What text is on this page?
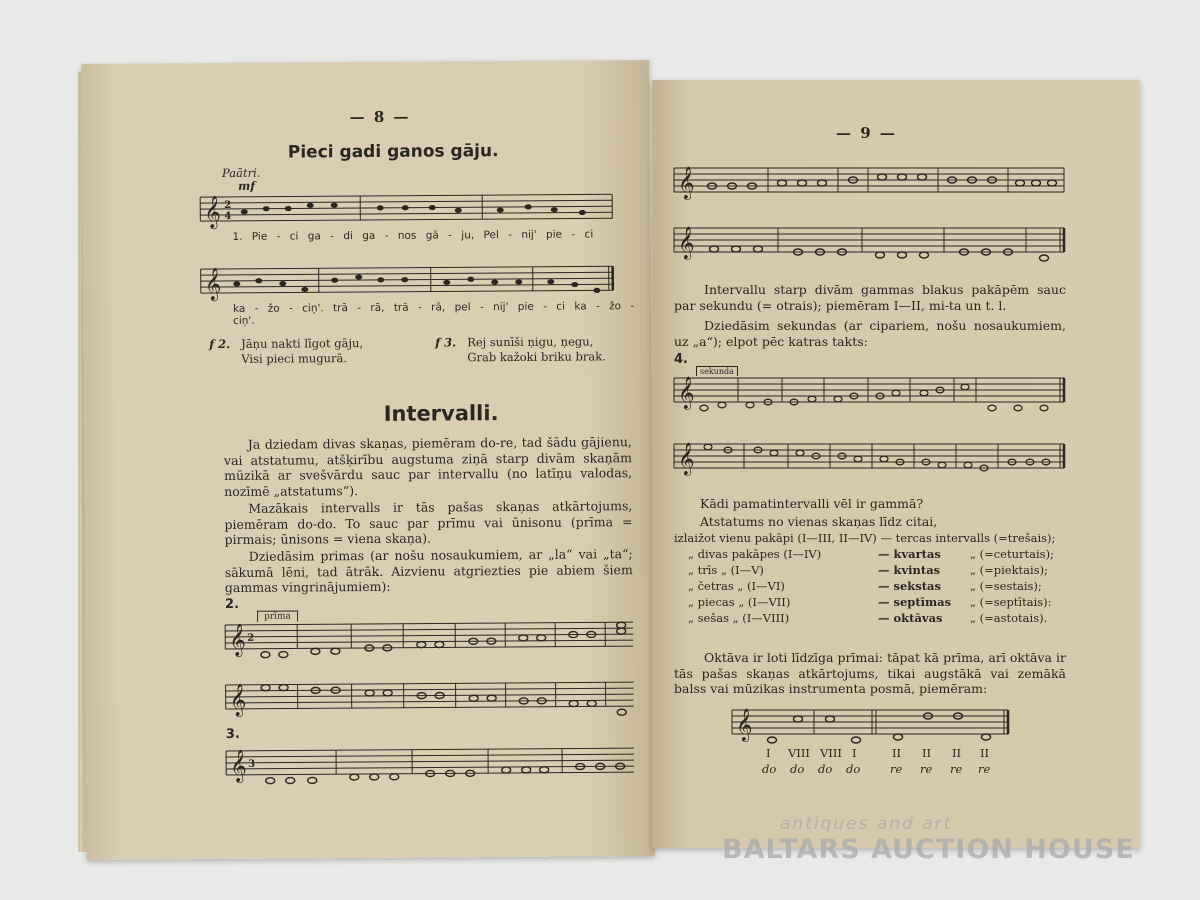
— 8 —
Pieci gadi ganos gāju.
Paātri.
mf
𝄞 2
4
1. Pie - ci ga - di ga - nos gā - ju, Pel - nij' pie - ci
𝄞
ka - žo - ciņ'. trā - rā, trā - rā, pel - nij' pie - ci ka - žo - ciņ'.
f 2. Jāņu nakti līgot gāju,
Visi pieci mugurā.
f 3. Rej sunīši ņigu, ņegu,
Grab kažoki briku brak.
Intervalli.
Ja dziedam divas skaņas, piemēram do-re, tad šādu gājienu, vai atstatumu, atšķirību augstuma ziņā starp divām skaņām mūzikā ar svešvārdu sauc par intervallu (no latīņu valodas, nozīmē „atstatums“).
Mazākais intervalls ir tās pašas skaņas atkārtojums, piemēram do-do. To sauc par prīmu vai ūnisonu (prīma = pirmais; ūnisons = viena skaņa).
Dziedāsim primas (ar nošu nosaukumiem, ar „la“ vai „ta“; sākumā lēni, tad ātrāk. Aizvienu atgriezties pie abiem šiem gammas vingrinājumiem):
2.
prīma
𝄞 2
𝄞
3.
𝄞 3
— 9 —
𝄞
𝄞
Intervallu starp divām gammas blakus pakāpēm sauc par sekundu (= otrais); piemēram I—II, mi-ta un t. l.
Dziedāsim sekundas (ar cipariem, nošu nosaukumiem, uz „a“); elpot pēc katras takts:
4.
sekunda
𝄞
𝄞
Kādi pamatintervalli vēl ir gammā?
Atstatums no vienas skaņas līdz citai,
izlaižot vienu pakāpi (I—III, II—IV) — tercas intervalls (=trešais);
„ divas pakāpes (I—IV)	— kvartas	„ (=ceturtais);
„ trīs „ (I—V)	— kvintas	„ (=piektais);
„ četras „ (I—VI)	— sekstas	„ (=sestais);
„ piecas „ (I—VII)	— septīmas „ (=septītais):
„ sešas „ (I—VIII)	— oktāvas „ (=astotais).
Oktāva ir loti līdzīga prīmai: tāpat kā prīma, arī oktāva ir tās pašas skaņas atkārtojums, tikai augstākā vai zemākā balss vai mūzikas instrumenta posmā, piemēram:
𝄞
I VIII VIII I	II II II II
do do do do	re re re re
antiques and art
BALTARS AUCTION HOUSE
